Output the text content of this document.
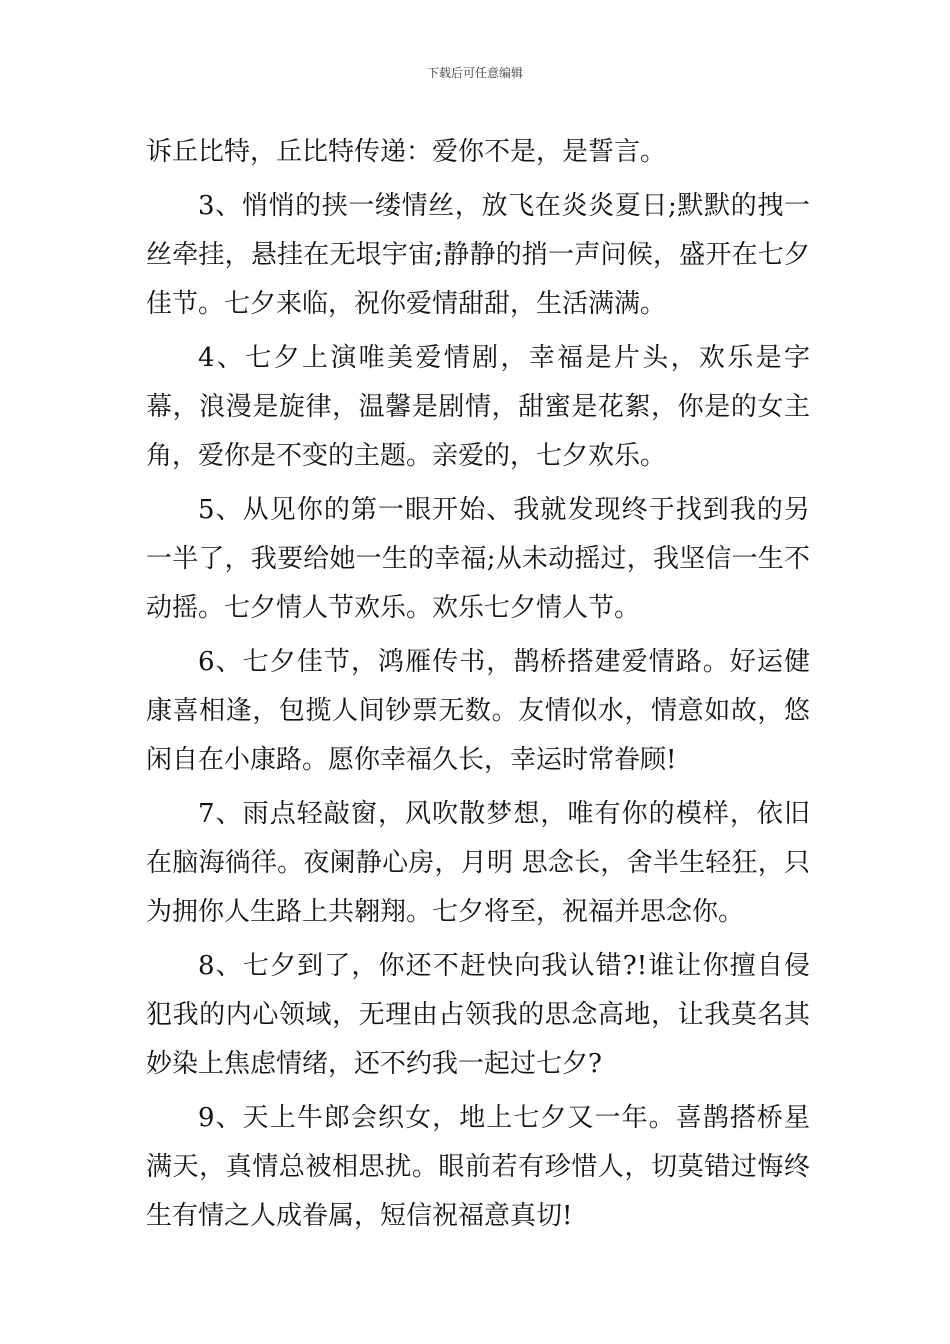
下载后可任意编辑

诉丘比特，丘比特传递：爱你不是，是誓言。

3、悄悄的挟一缕情丝，放飞在炎炎夏日;默默的拽一丝牵挂，悬挂在无垠宇宙;静静的捎一声问候，盛开在七夕佳节。七夕来临，祝你爱情甜甜，生活满满。

4、七夕上演唯美爱情剧，幸福是片头，欢乐是字幕，浪漫是旋律，温馨是剧情，甜蜜是花絮，你是的女主角，爱你是不变的主题。亲爱的，七夕欢乐。

5、从见你的第一眼开始、我就发现终于找到我的另一半了，我要给她一生的幸福;从未动摇过，我坚信一生不动摇。七夕情人节欢乐。欢乐七夕情人节。

6、七夕佳节，鸿雁传书，鹊桥搭建爱情路。好运健康喜相逢，包揽人间钞票无数。友情似水，情意如故，悠闲自在小康路。愿你幸福久长，幸运时常眷顾!

7、雨点轻敲窗，风吹散梦想，唯有你的模样，依旧在脑海徜徉。夜阑静心房，月明 思念长，舍半生轻狂，只为拥你人生路上共翱翔。七夕将至，祝福并思念你。

8、七夕到了，你还不赶快向我认错?!谁让你擅自侵犯我的内心领域，无理由占领我的思念高地，让我莫名其妙染上焦虑情绪，还不约我一起过七夕?

9、天上牛郎会织女，地上七夕又一年。喜鹊搭桥星满天，真情总被相思扰。眼前若有珍惜人，切莫错过悔终生有情之人成眷属，短信祝福意真切!
